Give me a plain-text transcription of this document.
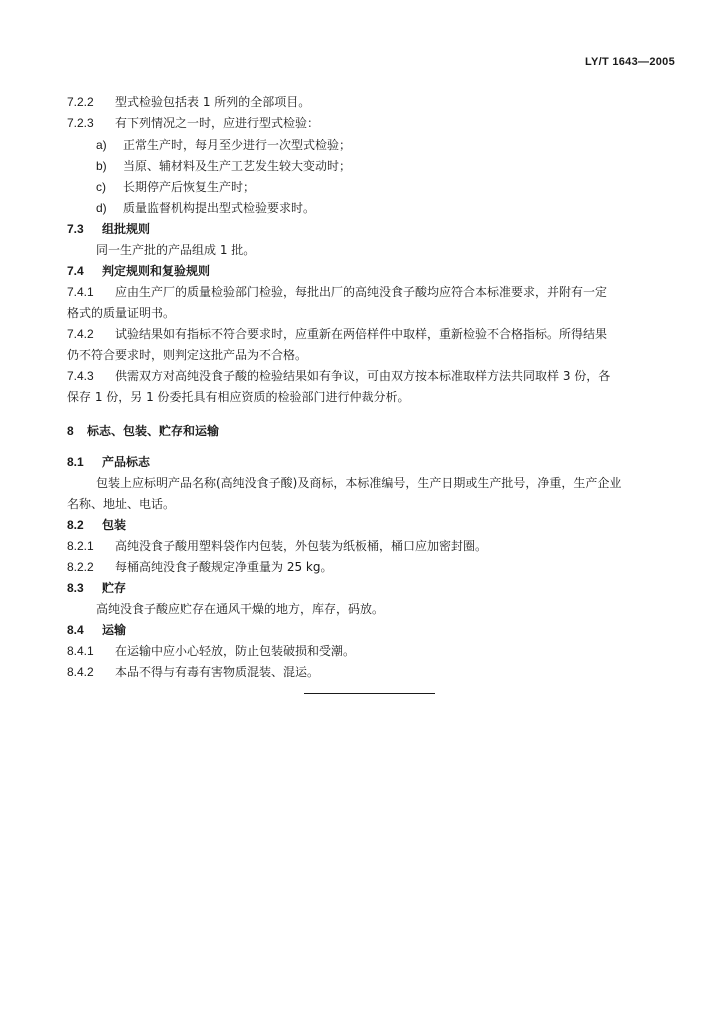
LY/T 1643—2005
7.2.2 型式检验包括表 1 所列的全部项目。
7.2.3 有下列情况之一时，应进行型式检验：
a) 正常生产时，每月至少进行一次型式检验；
b) 当原、辅材料及生产工艺发生较大变动时；
c) 长期停产后恢复生产时；
d) 质量监督机构提出型式检验要求时。
7.3 组批规则
同一生产批的产品组成 1 批。
7.4 判定规则和复验规则
7.4.1 应由生产厂的质量检验部门检验，每批出厂的高纯没食子酸均应符合本标准要求，并附有一定
格式的质量证明书。
7.4.2 试验结果如有指标不符合要求时，应重新在两倍样件中取样，重新检验不合格指标。所得结果
仍不符合要求时，则判定这批产品为不合格。
7.4.3 供需双方对高纯没食子酸的检验结果如有争议，可由双方按本标准取样方法共同取样 3 份，各
保存 1 份，另 1 份委托具有相应资质的检验部门进行仲裁分析。
8 标志、包装、贮存和运输
8.1 产品标志
包装上应标明产品名称(高纯没食子酸)及商标，本标准编号，生产日期或生产批号，净重，生产企业
名称、地址、电话。
8.2 包装
8.2.1 高纯没食子酸用塑料袋作内包装，外包装为纸板桶，桶口应加密封圈。
8.2.2 每桶高纯没食子酸规定净重量为 25 kg。
8.3 贮存
高纯没食子酸应贮存在通风干燥的地方，库存，码放。
8.4 运输
8.4.1 在运输中应小心轻放，防止包装破损和受潮。
8.4.2 本品不得与有毒有害物质混装、混运。
